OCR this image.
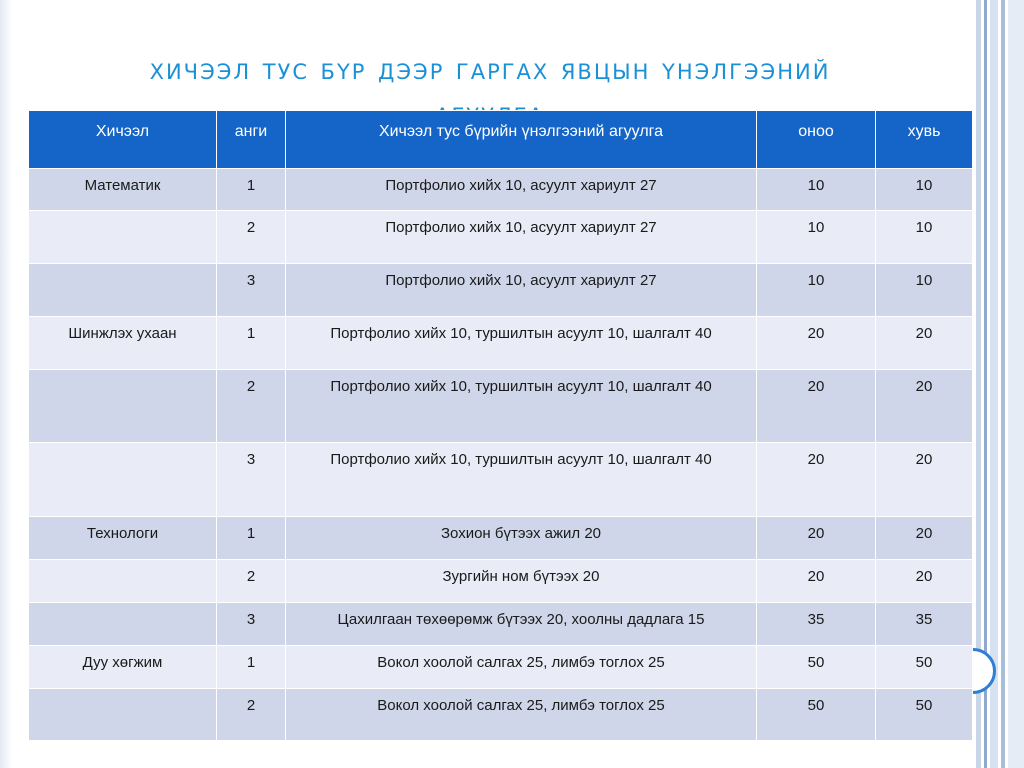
хичээл тус бүр дээр гаргах явцын үнэлгээний
Хичээл	анги	Хичээл тус бүрийн үнэлгээний агуулга	оноо	хувь
Математик	1	Портфолио хийх 10, асуулт хариулт 27	10	10
	2	Портфолио хийх 10, асуулт хариулт 27	10	10
	3	Портфолио хийх 10, асуулт хариулт 27	10	10
Шинжлэх ухаан	1	Портфолио хийх 10, туршилтын асуулт 10, шалгалт 40	20	20
	2	Портфолио хийх 10, туршилтын асуулт 10, шалгалт 40	20	20
	3	Портфолио хийх 10, туршилтын асуулт 10, шалгалт 40	20	20
Технологи	1	Зохион бүтээх ажил 20	20	20
	2	Зургийн ном бүтээх 20	20	20
	3	Цахилгаан төхөөрөмж бүтээх 20, хоолны дадлага 15	35	35
Дуу хөгжим	1	Вокол хоолой салгах 25, лимбэ тоглох 25	50	50
	2	Вокол хоолой салгах 25, лимбэ тоглох 25	50	50
